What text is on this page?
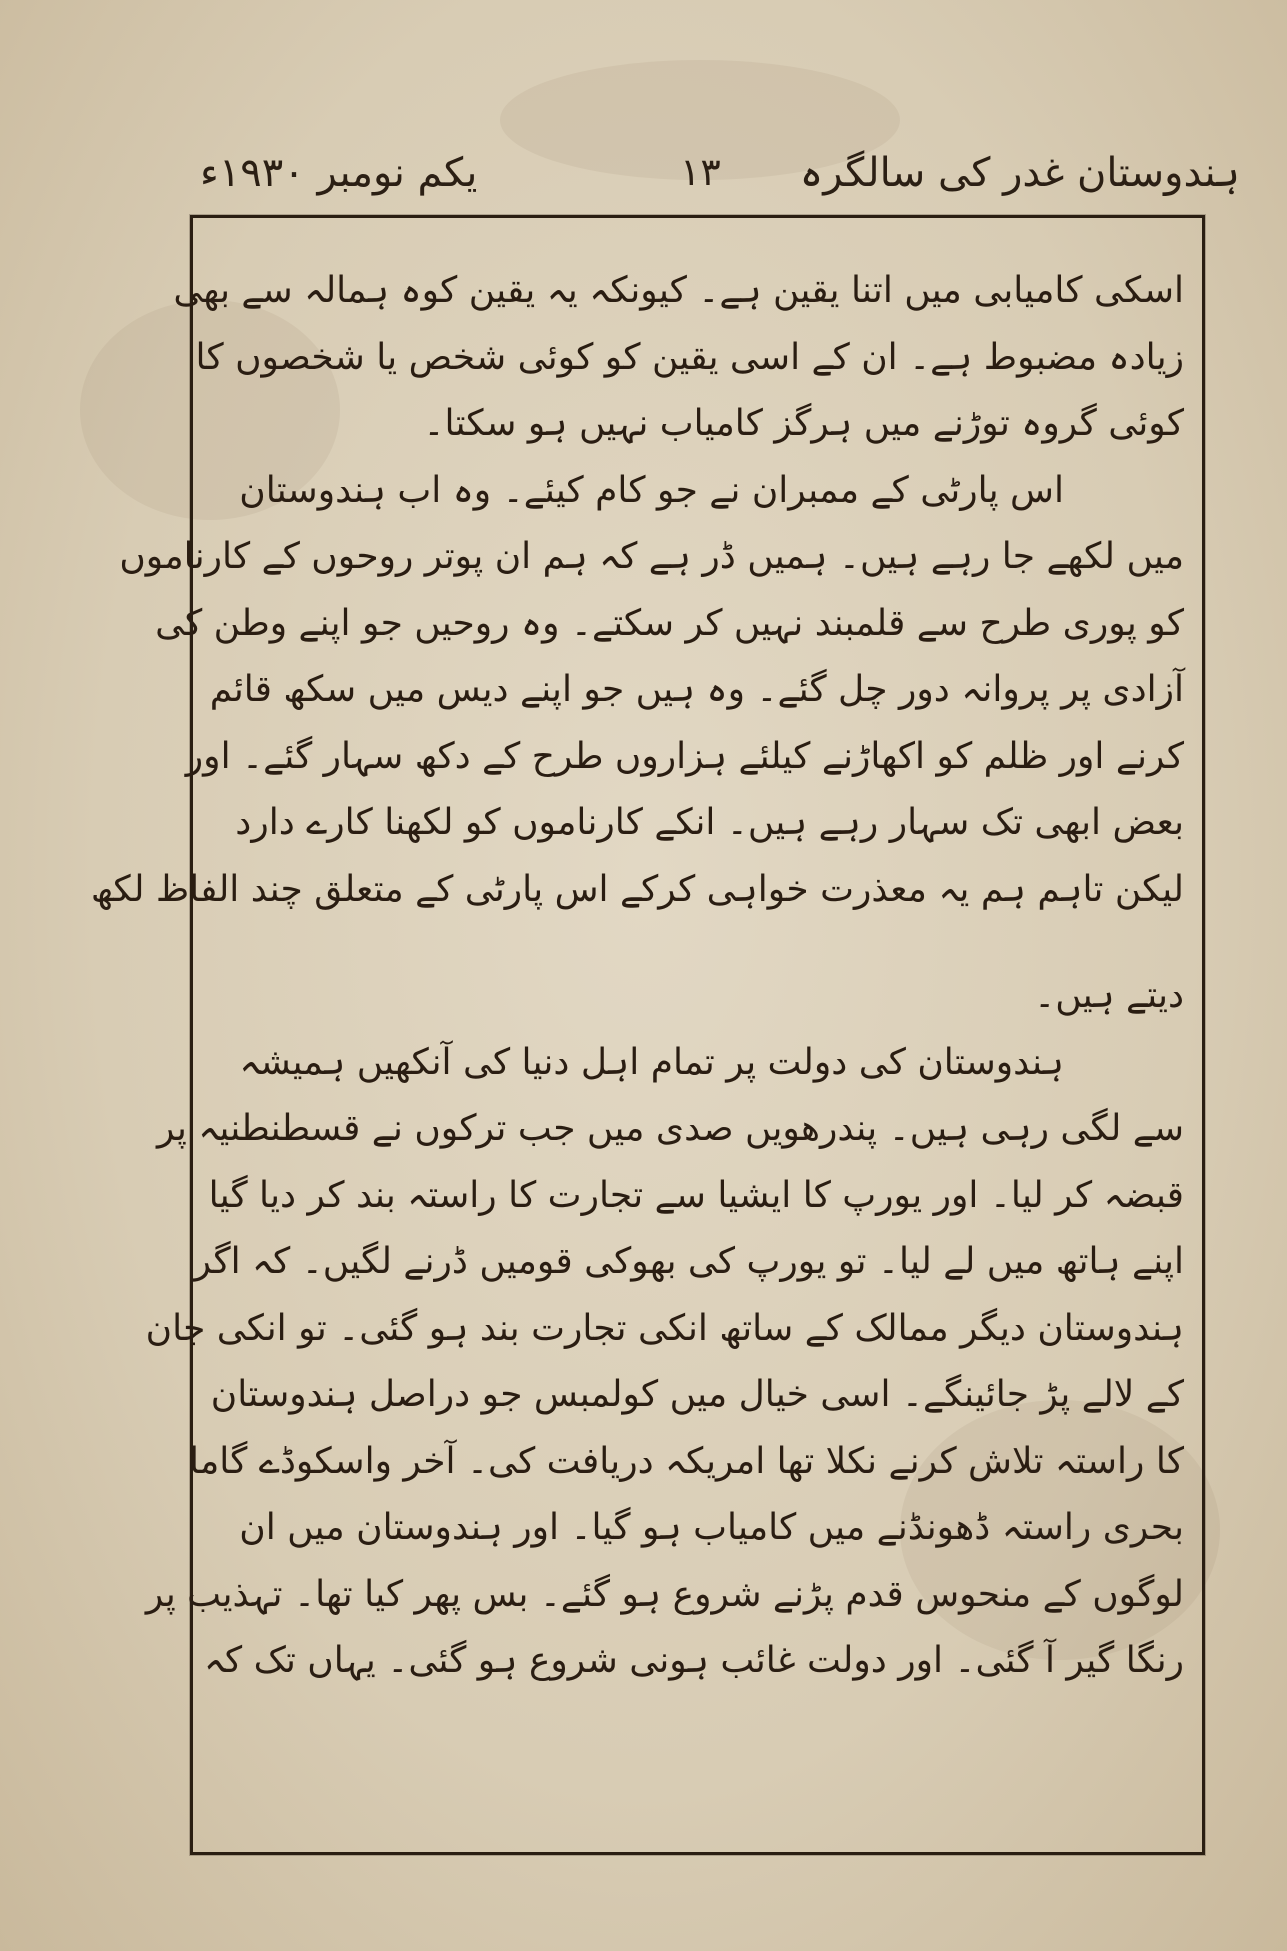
ہندوستان غدر کی سالگرہ
۱۳
یکم نومبر ۱۹۳۰ء
اسکی کامیابی میں اتنا یقین ہے۔ کیونکہ یہ یقین کوہ ہمالہ سے بھی
زیادہ مضبوط ہے۔ ان کے اسی یقین کو کوئی شخص یا شخصوں کا
کوئی گروہ توڑنے میں ہرگز کامیاب نہیں ہو سکتا۔
اس پارٹی کے ممبران نے جو کام کیئے۔ وہ اب ہندوستان
میں لکھے جا رہے ہیں۔ ہمیں ڈر ہے کہ ہم ان پوتر روحوں کے کارناموں
کو پوری طرح سے قلمبند نہیں کر سکتے۔ وہ روحیں جو اپنے وطن کی
آزادی پر پروانہ دور چل گئے۔ وہ ہیں جو اپنے دیس میں سکھ قائم
کرنے اور ظلم کو اکھاڑنے کیلئے ہزاروں طرح کے دکھ سہار گئے۔ اور
بعض ابھی تک سہار رہے ہیں۔ انکے کارناموں کو لکھنا کارے دارد
لیکن تاہم ہم یہ معذرت خواہی کرکے اس پارٹی کے متعلق چند الفاظ لکھ
دیتے ہیں۔
ہندوستان کی دولت پر تمام اہل دنیا کی آنکھیں ہمیشہ
سے لگی رہی ہیں۔ پندرھویں صدی میں جب ترکوں نے قسطنطنیہ پر
قبضہ کر لیا۔ اور یورپ کا ایشیا سے تجارت کا راستہ بند کر دیا گیا
اپنے ہاتھ میں لے لیا۔ تو یورپ کی بھوکی قومیں ڈرنے لگیں۔ کہ اگر
ہندوستان دیگر ممالک کے ساتھ انکی تجارت بند ہو گئی۔ تو انکی جان
کے لالے پڑ جائینگے۔ اسی خیال میں کولمبس جو دراصل ہندوستان
کا راستہ تلاش کرنے نکلا تھا امریکہ دریافت کی۔ آخر واسکوڈے گاما
بحری راستہ ڈھونڈنے میں کامیاب ہو گیا۔ اور ہندوستان میں ان
لوگوں کے منحوس قدم پڑنے شروع ہو گئے۔ بس پھر کیا تھا۔ تہذیب پر
رنگا گیر آ گئی۔ اور دولت غائب ہونی شروع ہو گئی۔ یہاں تک کہ
